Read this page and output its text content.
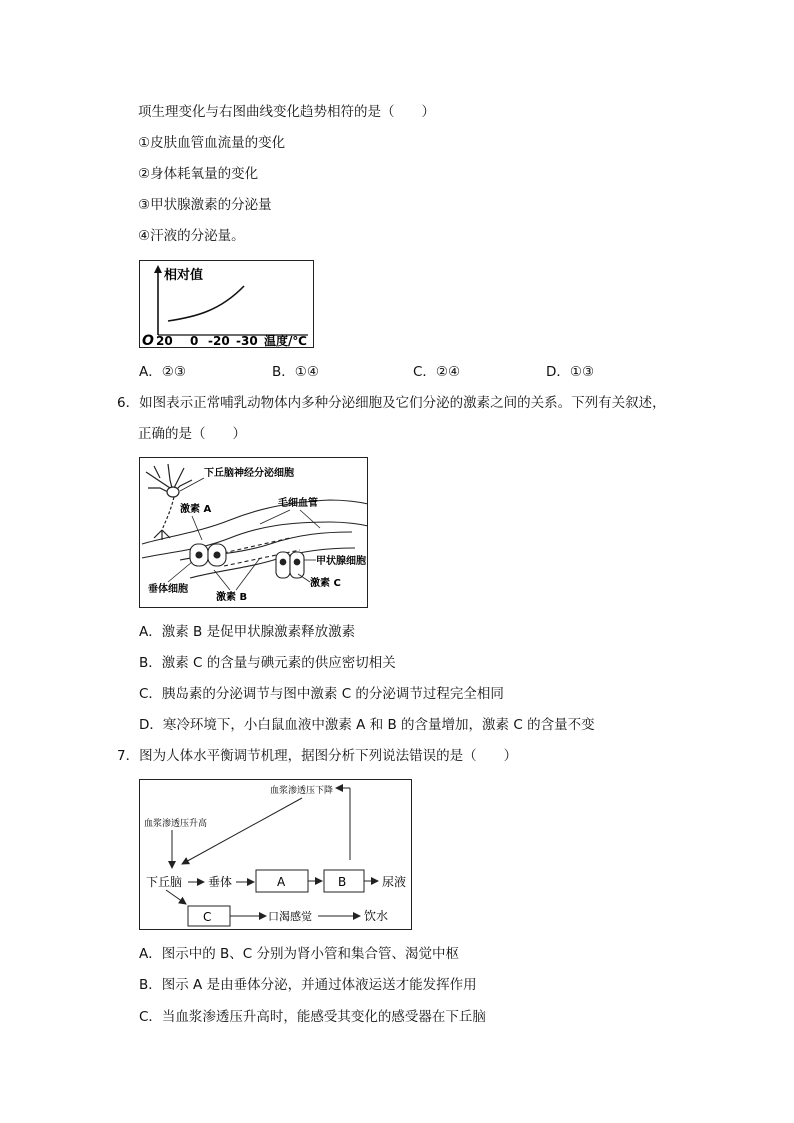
项生理变化与右图曲线变化趋势相符的是（　　）
①皮肤血管血流量的变化
②身体耗氧量的变化
③甲状腺激素的分泌量
④汗液的分泌量。
相对值
O 20 0 -20 -30 温度/℃
A．②③	B．①④	C．②④	D．①③
6．如图表示正常哺乳动物体内多种分泌细胞及它们分泌的激素之间的关系。下列有关叙述，
正确的是（　　）
下丘脑神经分泌细胞
激素 A
毛细血管
垂体细胞
激素 B
甲状腺细胞
激素 C
A．激素 B 是促甲状腺激素释放激素
B．激素 C 的含量与碘元素的供应密切相关
C．胰岛素的分泌调节与图中激素 C 的分泌调节过程完全相同
D．寒冷环境下，小白鼠血液中激素 A 和 B 的含量增加，激素 C 的含量不变
7．图为人体水平衡调节机理，据图分析下列说法错误的是（　　）
血浆渗透压下降
血浆渗透压升高
下丘脑 垂体	A	B	尿液
C	口渴感觉	饮水
A．图示中的 B、C 分别为肾小管和集合管、渴觉中枢
B．图示 A 是由垂体分泌，并通过体液运送才能发挥作用
C．当血浆渗透压升高时，能感受其变化的感受器在下丘脑
